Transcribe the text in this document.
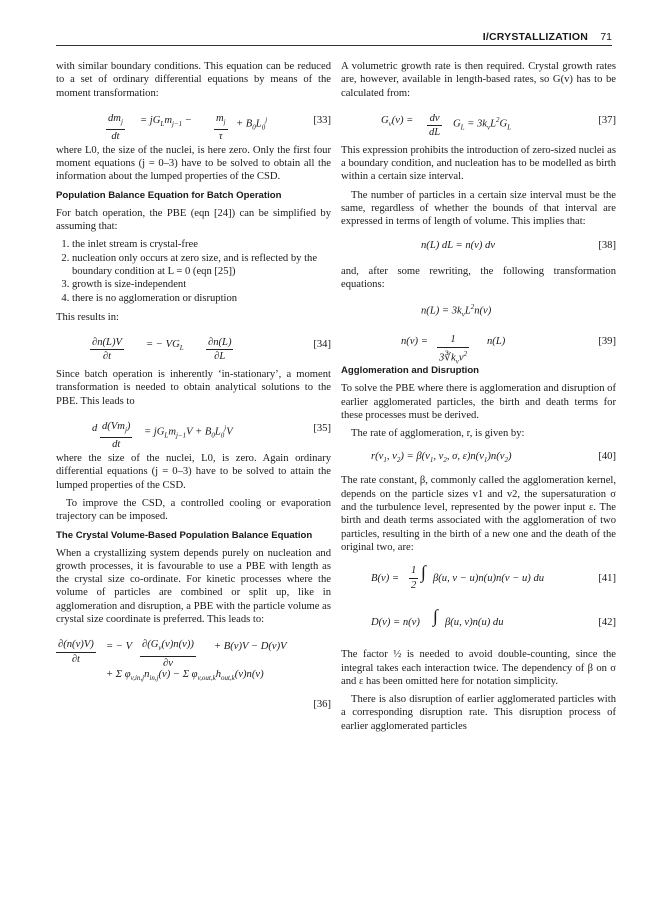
I/CRYSTALLIZATION 71

with similar boundary conditions. This equation can be reduced to a set of ordinary differential equations by means of the moment transformation:

$\frac{dm_j}{dt} = jG_Lm_{j-1} - \frac{m_j}{\tau} + B_0L_0^j$	[33]

where L0, the size of the nuclei, is here zero. Only the first four moment equations (j = 0–3) have to be solved to obtain all the information about the lumped properties of the CSD.

Population Balance Equation for Batch Operation

For batch operation, the PBE (eqn [24]) can be simplified by assuming that:

1. the inlet stream is crystal-free
2. nucleation only occurs at zero size, and is reflected by the boundary condition at L = 0 (eqn [25])
3. growth is size-independent
4. there is no agglomeration or disruption

This results in:

$\frac{\partial n(L)V}{\partial t}$ = − $VG_L \frac{\partial n(L)}{\partial L}$	[34]

Since batch operation is inherently ‘in-stationary’, a moment transformation is needed to obtain analytical solutions to the PBE. This leads to

d $\frac{d(Vm_j)}{dt} = jG_Lm_{j-1}V + B_0L_0^jV$	[35]

where the size of the nuclei, L0, is zero. Again ordinary differential equations (j = 0–3) have to be solved to attain the lumped properties of the CSD.

To improve the CSD, a controlled cooling or evaporation trajectory can be imposed.

The Crystal Volume-Based Population Balance Equation

When a crystallizing system depends purely on nucleation and growth processes, it is favourable to use a PBE with length as the crystal size co-ordinate. For kinetic processes where the volume of particles are combined or split up, like in agglomeration and disruption, a PBE with the particle volume as crystal size coordinate is preferred. This leads to:

$\frac{\partial(n(v)V)}{\partial t}$ = − V $\frac{\partial(G_v(v)n(v))}{\partial v} + B(v)V - D(v)V$
+ Σ $\varphi_{v,in,j}n_{in,j}(v) - \Sigma$ $\varphi_{v,out,k}h_{out,k}(v)n(v)$
[36]

A volumetric growth rate is then required. Crystal growth rates are, however, available in length-based rates, so G(v) has to be calculated from:

$G_v(v) = \frac{dv}{dL} G_L = 3k_vL^2G_L$
[37]

This expression prohibits the introduction of zero-sized nuclei as a boundary condition, and nucleation has to be modelled as birth within a certain size interval.

The number of particles in a certain size interval must be the same, regardless of whether the bounds of that interval are expressed in terms of length of volume. This implies that:

n(L) dL = n(v) dv	[38]

and, after some rewriting, the following transformation equations:

$n(L) = 3k_vL^2n(v)$
$n(v) = \frac{1}{3∛k_vv^2} n(L)$	[39]
Agglomeration and Disruption

To solve the PBE where there is agglomeration and disruption of earlier agglomerated particles, the birth and death terms for these processes must be derived.

The rate of agglomeration, r, is given by:

$r(v_1$, $v_2) = \beta(v_1$, $v_2$, σ, $\varepsilon)n(v_1)n(v_2)$	[40]

The rate constant, β, commonly called the agglomeration kernel, depends on the particle sizes v1 and v2, the supersaturation σ and the turbulence level, represented by the power input ε. The birth and death terms associated with the agglomeration of two particles, resulting in the birth of a new one and the death of the original two, are:

$B(v) = \frac{1}{2}$ ∫ β(u, v − u)n(u)n(v − u) du	[41]
D(v) = n(v) ∫ β(u, v)n(u) du	[42]

The factor ½ is needed to avoid double-counting, since the integral takes each interaction twice. The dependency of β on σ and ε has been omitted here for notation simplicity.

There is also disruption of earlier agglomerated particles with a corresponding disruption rate. This disruption process of earlier agglomerated particles
